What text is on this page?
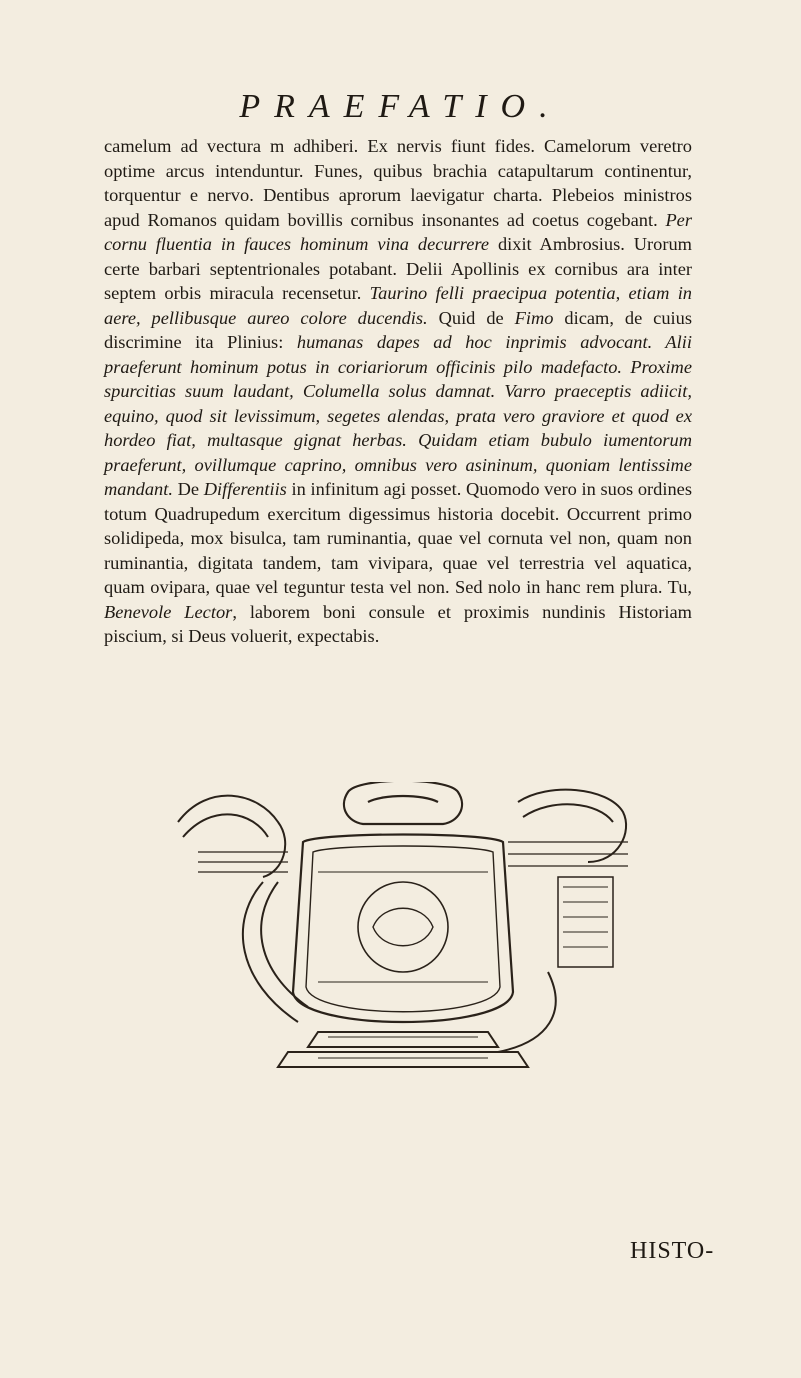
PRAEFATIO.

camelum ad vectura m adhiberi. Ex nervis fiunt fides. Camelorum veretro optime arcus intenduntur. Funes, quibus brachia catapultarum continentur, torquentur e nervo. Dentibus aprorum laevigatur charta. Plebeios ministros apud Romanos quidam bovillis cornibus insonantes ad coetus cogebant. Per cornu fluentia in fauces hominum vina decurrere dixit Ambrosius. Urorum certe barbari septentrionales potabant. Delii Apollinis ex cornibus ara inter septem orbis miracula recensetur. Taurino felli praecipua potentia, etiam in aere, pellibusque aureo colore ducendis. Quid de Fimo dicam, de cuius discrimine ita Plinius: humanas dapes ad hoc inprimis advocant. Alii praeferunt hominum potus in coriariorum officinis pilo madefacto. Proxime spurcitias suum laudant, Columella solus damnat. Varro praeceptis adiicit, equino, quod sit levissimum, segetes alendas, prata vero graviore et quod ex hordeo fiat, multasque gignat herbas. Quidam etiam bubulo iumentorum praeferunt, ovillumque caprino, omnibus vero asininum, quoniam lentissime mandant. De Differentiis in infinitum agi posset. Quomodo vero in suos ordines totum Quadrupedum exercitum digessimus historia docebit. Occurrent primo solidipeda, mox bisulca, tam ruminantia, quae vel cornuta vel non, quam non ruminantia, digitata tandem, tam vivipara, quae vel terrestria vel aquatica, quam ovipara, quae vel teguntur testa vel non. Sed nolo in hanc rem plura. Tu, Benevole Lector, laborem boni consule et proximis nundinis Historiam piscium, si Deus voluerit, expectabis.

HISTO-
